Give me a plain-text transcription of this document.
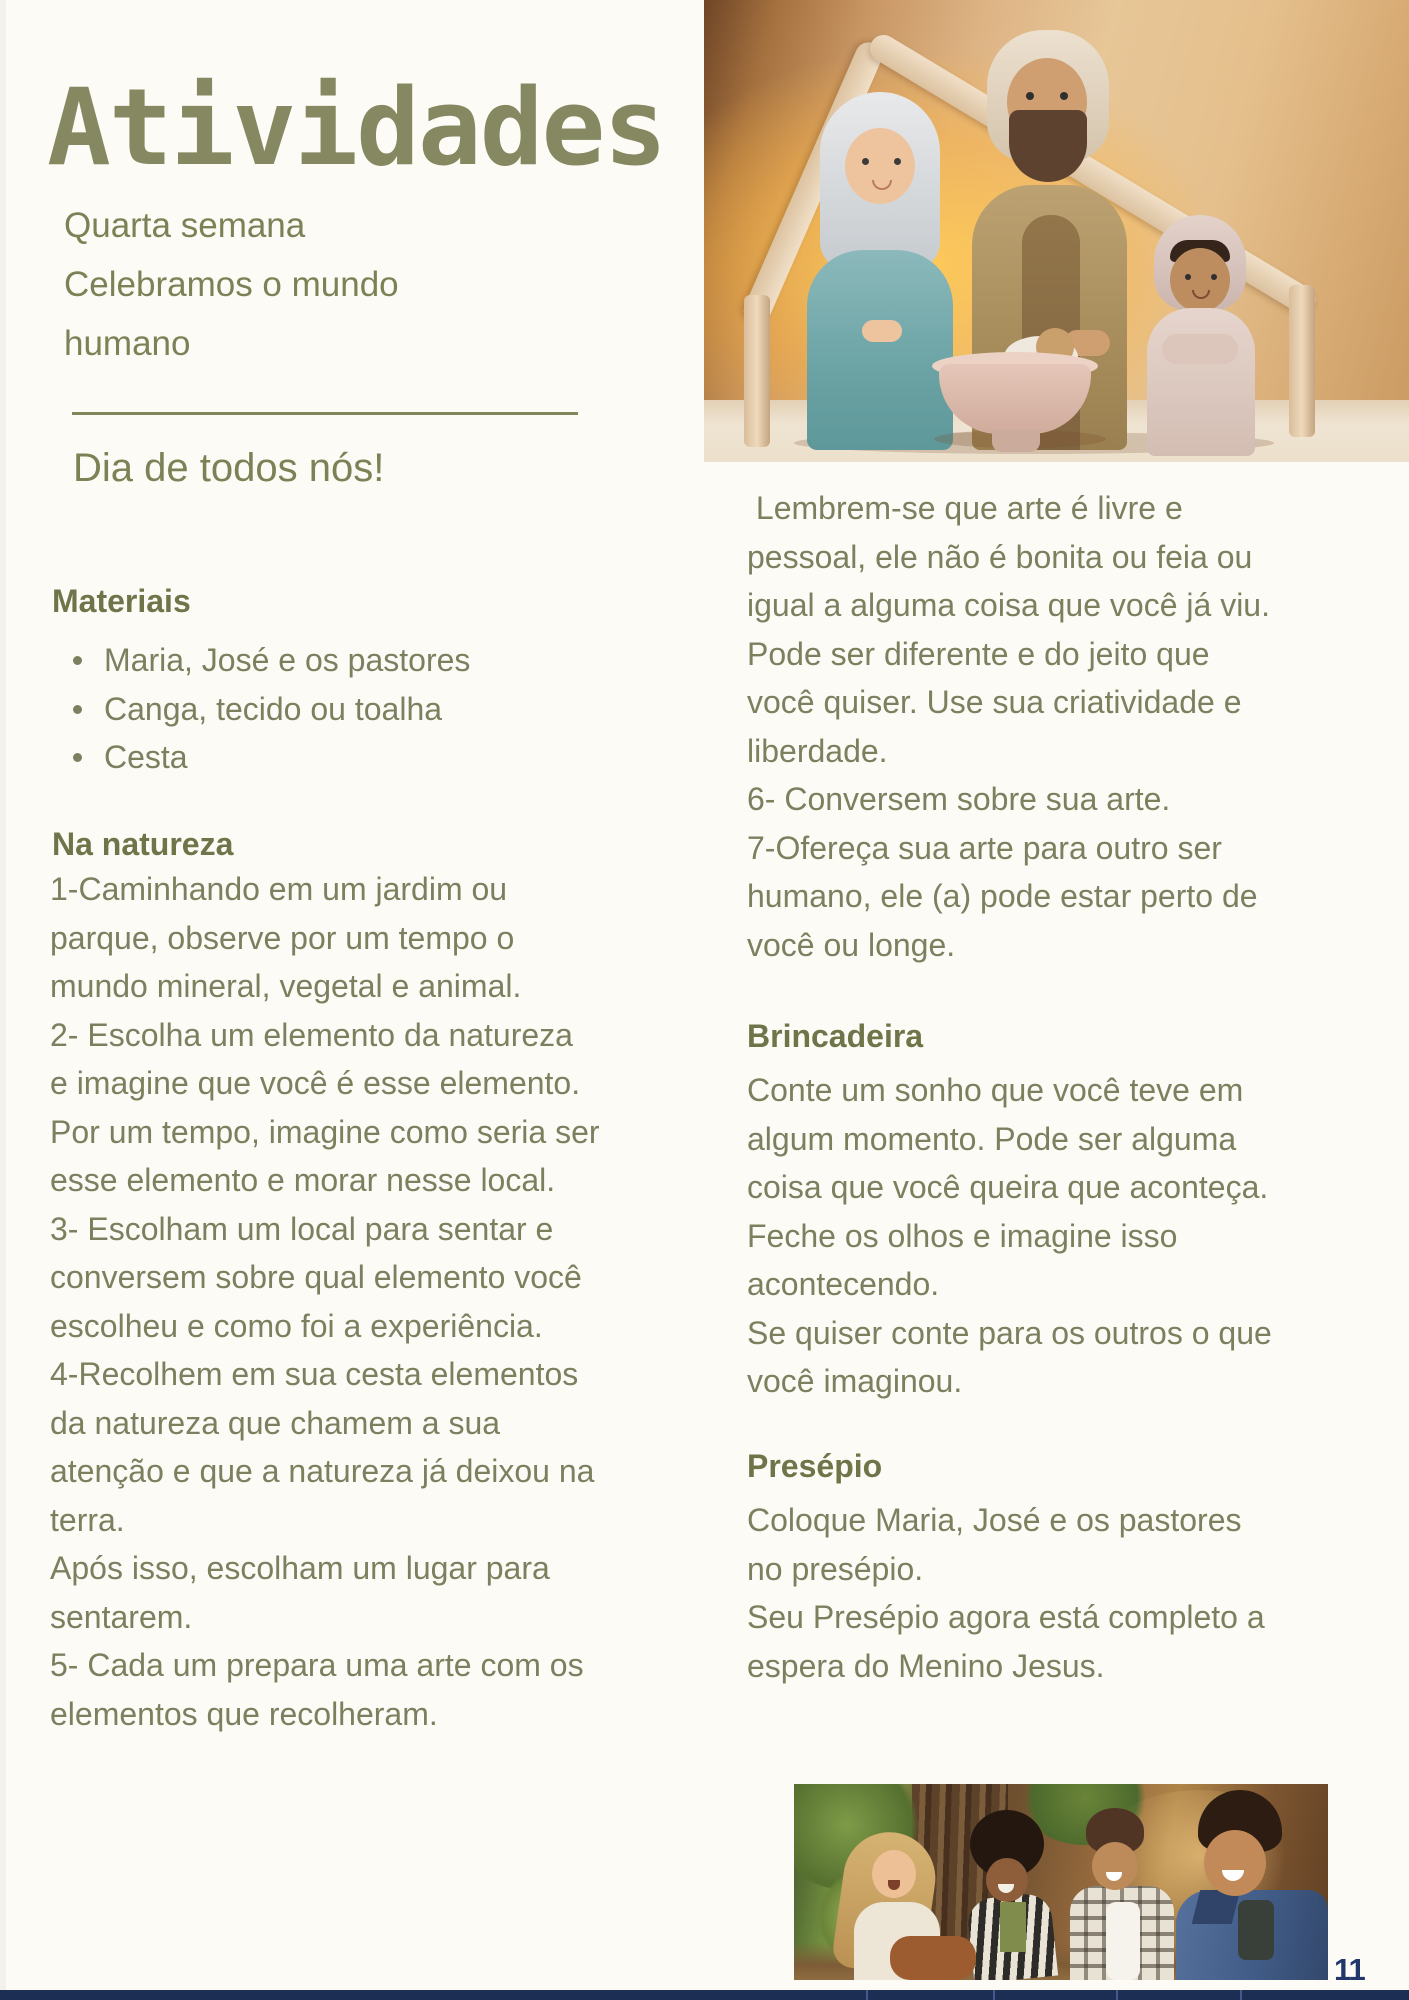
Atividades
Quarta semana
Celebramos o mundo
humano
Dia de todos nós!
Materiais
Maria, José e os pastores
Canga, tecido ou toalha
Cesta
Na natureza
1-Caminhando em um jardim ou
parque, observe por um tempo o
mundo mineral, vegetal e animal.
2- Escolha um elemento da natureza
e imagine que você é esse elemento.
Por um tempo, imagine como seria ser
esse elemento e morar nesse local.
3- Escolham um local para sentar e
conversem sobre qual elemento você
escolheu e como foi a experiência.
4-Recolhem em sua cesta elementos
da natureza que chamem a sua
atenção e que a natureza já deixou na
terra.
Após isso, escolham um lugar para
sentarem.
5- Cada um prepara uma arte com os
elementos que recolheram.
Lembrem-se que arte é livre e
pessoal, ele não é bonita ou feia ou
igual a alguma coisa que você já viu.
Pode ser diferente e do jeito que
você quiser. Use sua criatividade e
liberdade.
6- Conversem sobre sua arte.
7-Ofereça sua arte para outro ser
humano, ele (a) pode estar perto de
você ou longe.
Brincadeira
Conte um sonho que você teve em
algum momento. Pode ser alguma
coisa que você queira que aconteça.
Feche os olhos e imagine isso
acontecendo.
Se quiser conte para os outros o que
você imaginou.
Presépio
Coloque Maria, José e os pastores
no presépio.
Seu Presépio agora está completo a
espera do Menino Jesus.
11
